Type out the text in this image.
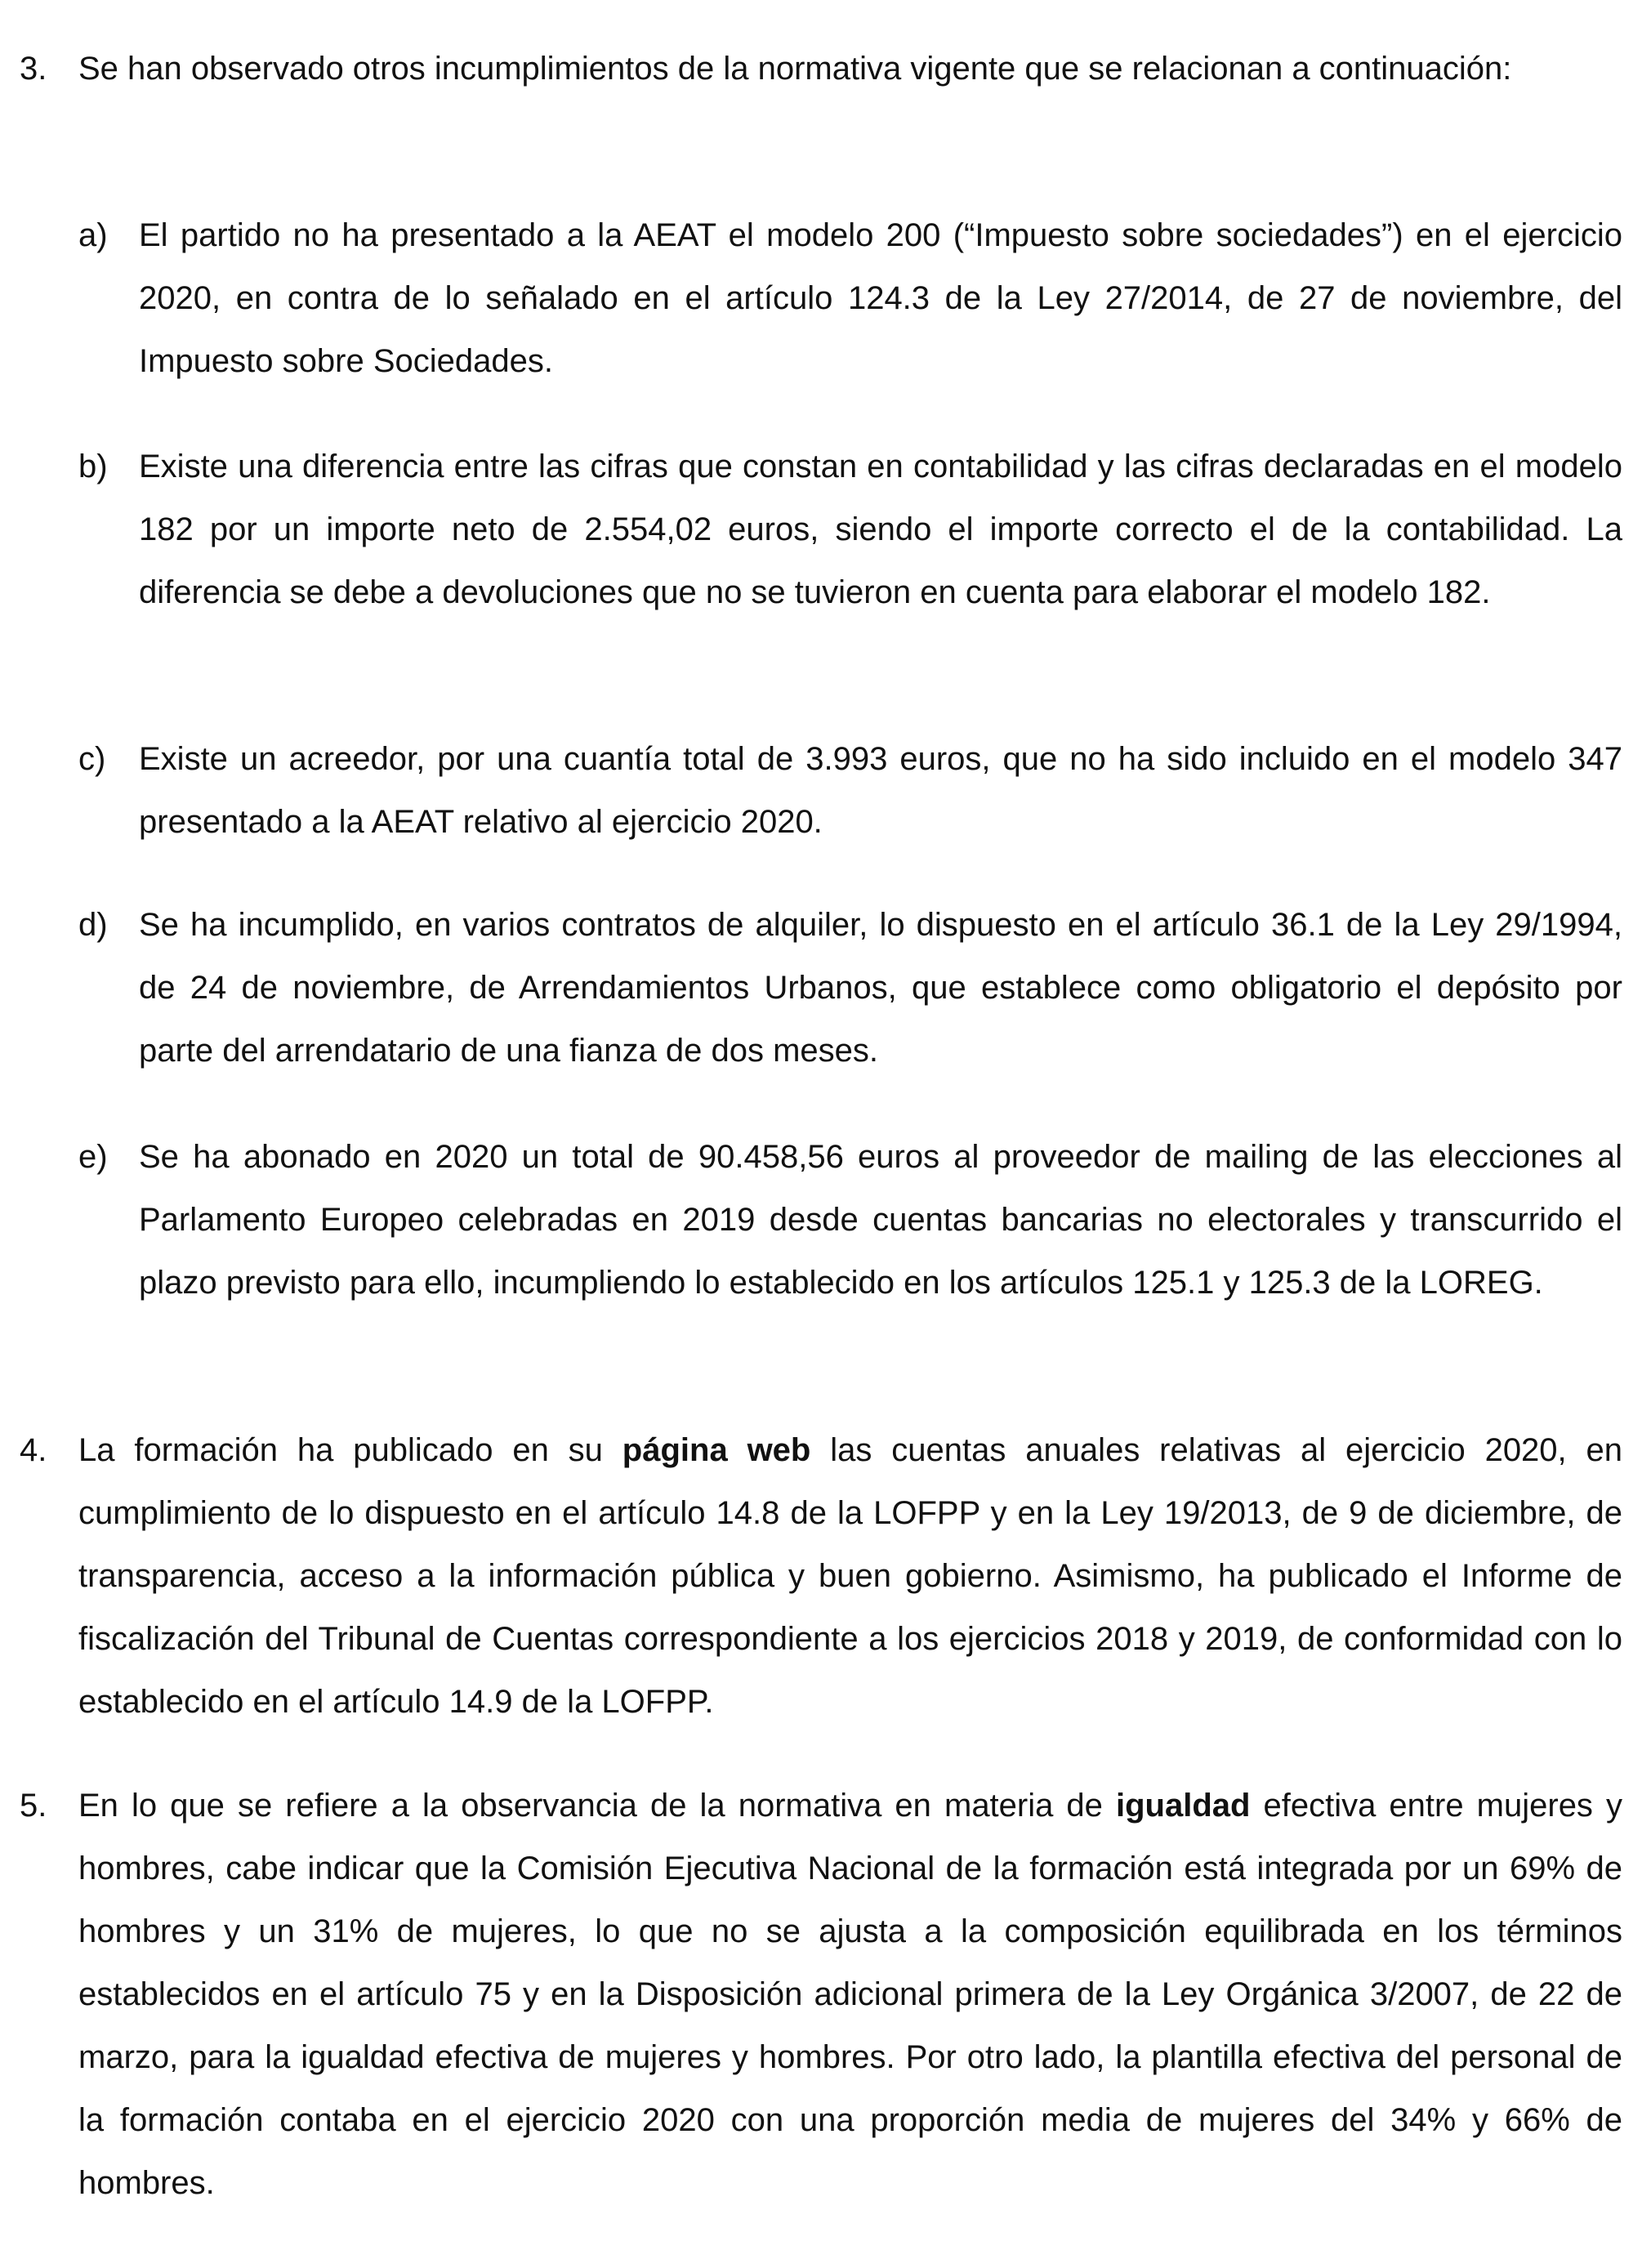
3. Se han observado otros incumplimientos de la normativa vigente que se relacionan a continuación:
a) El partido no ha presentado a la AEAT el modelo 200 (“Impuesto sobre sociedades”) en el ejercicio 2020, en contra de lo señalado en el artículo 124.3 de la Ley 27/2014, de 27 de noviembre, del Impuesto sobre Sociedades.
b) Existe una diferencia entre las cifras que constan en contabilidad y las cifras declaradas en el modelo 182 por un importe neto de 2.554,02 euros, siendo el importe correcto el de la contabilidad. La diferencia se debe a devoluciones que no se tuvieron en cuenta para elaborar el modelo 182.
c) Existe un acreedor, por una cuantía total de 3.993 euros, que no ha sido incluido en el modelo 347 presentado a la AEAT relativo al ejercicio 2020.
d) Se ha incumplido, en varios contratos de alquiler, lo dispuesto en el artículo 36.1 de la Ley 29/1994, de 24 de noviembre, de Arrendamientos Urbanos, que establece como obligatorio el depósito por parte del arrendatario de una fianza de dos meses.
e) Se ha abonado en 2020 un total de 90.458,56 euros al proveedor de mailing de las elecciones al Parlamento Europeo celebradas en 2019 desde cuentas bancarias no electorales y transcurrido el plazo previsto para ello, incumpliendo lo establecido en los artículos 125.1 y 125.3 de la LOREG.
4. La formación ha publicado en su página web las cuentas anuales relativas al ejercicio 2020, en cumplimiento de lo dispuesto en el artículo 14.8 de la LOFPP y en la Ley 19/2013, de 9 de diciembre, de transparencia, acceso a la información pública y buen gobierno. Asimismo, ha publicado el Informe de fiscalización del Tribunal de Cuentas correspondiente a los ejercicios 2018 y 2019, de conformidad con lo establecido en el artículo 14.9 de la LOFPP.
5. En lo que se refiere a la observancia de la normativa en materia de igualdad efectiva entre mujeres y hombres, cabe indicar que la Comisión Ejecutiva Nacional de la formación está integrada por un 69% de hombres y un 31% de mujeres, lo que no se ajusta a la composición equilibrada en los términos establecidos en el artículo 75 y en la Disposición adicional primera de la Ley Orgánica 3/2007, de 22 de marzo, para la igualdad efectiva de mujeres y hombres. Por otro lado, la plantilla efectiva del personal de la formación contaba en el ejercicio 2020 con una proporción media de mujeres del 34% y 66% de hombres.
